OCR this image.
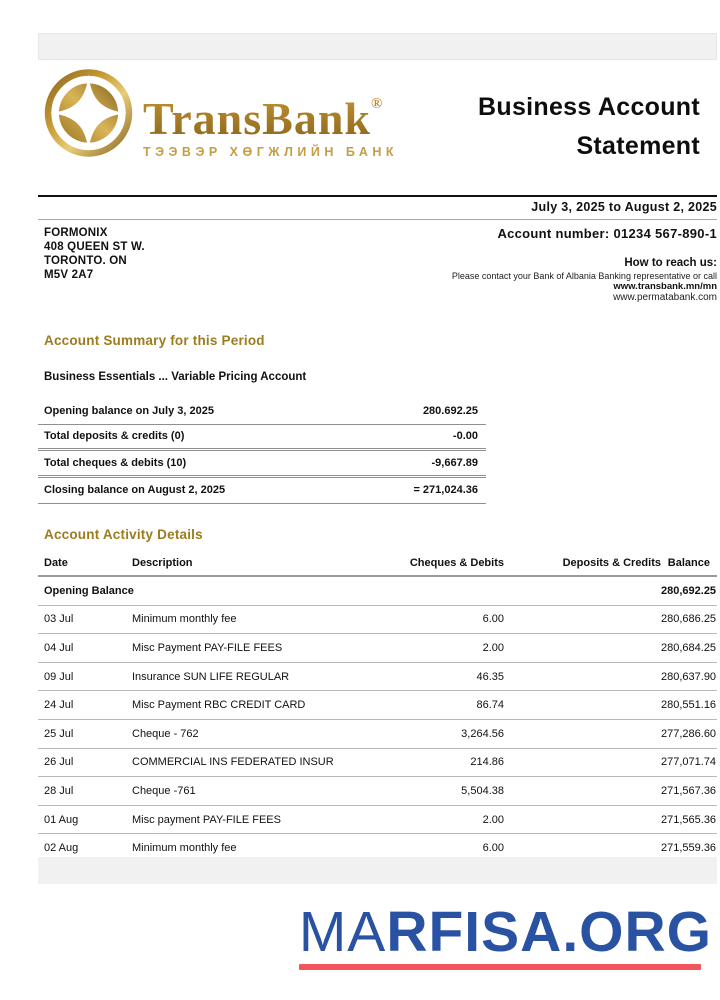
TransBank®
ТЭЭВЭР ХӨГЖЛИЙН БАНК
Business Account
Statement
July 3, 2025 to August 2, 2025
FORMONIX
408 QUEEN ST W.
TORONTO. ON
M5V 2A7
Account number: 01234 567-890-1
How to reach us:
Please contact your Bank of Albania Banking representative or call
www.transbank.mn/mn
www.permatabank.com
Account Summary for this Period
Business Essentials ... Variable Pricing Account
Opening balance on July 3, 2025	280.692.25
Total deposits & credits (0)	-0.00
Total cheques & debits (10)	-9,667.89
Closing balance on August 2, 2025	= 271,024.36
Account Activity Details
Date	Description	Cheques & Debits	Deposits & Credits Balance
Opening Balance	280,692.25
03 Jul	Minimum monthly fee	6.00	280,686.25
04 Jul	Misc Payment PAY-FILE FEES	2.00	280,684.25
09 Jul	Insurance SUN LIFE REGULAR	46.35	280,637.90
24 Jul	Misc Payment RBC CREDIT CARD	86.74	280,551.16
25 Jul	Cheque - 762	3,264.56	277,286.60
26 Jul	COMMERCIAL INS FEDERATED INSUR	214.86	277,071.74
28 Jul	Cheque -761	5,504.38	271,567.36
01 Aug	Misc payment PAY-FILE FEES	2.00	271,565.36
02 Aug	Minimum monthly fee	6.00	271,559.36
MARFISA.ORG
